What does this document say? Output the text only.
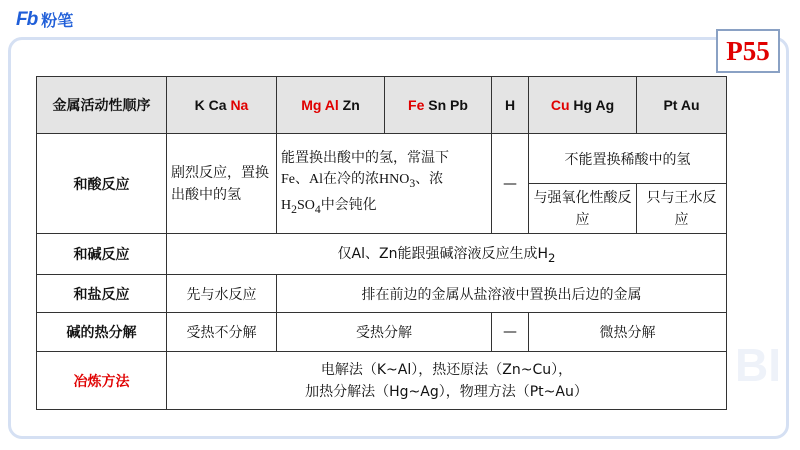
Fb 粉笔
P55
BI
金属活动性顺序	K Ca Na	Mg Al Zn	Fe Sn Pb	H	Cu Hg Ag	Pt Au
和酸反应	剧烈反应，置换出酸中的氢	能置换出酸中的氢，常温下
Fe、Al在冷的浓$HNO_3$、浓
$H_2SO_4$中会钝化		—	不能置换稀酸中的氢	
					与强氧化性酸反应	只与王水反应
和碱反应	仅Al、Zn能跟强碱溶液反应生成$H_2$
和盐反应	先与水反应	排在前边的金属从盐溶液中置换出后边的金属				
碱的热分解	受热不分解	受热分解		—	微热分解	
冶炼方法	电解法（K~Al），热还原法（Zn~Cu），
加热分解法（Hg~Ag），物理方法（Pt~Au）					
